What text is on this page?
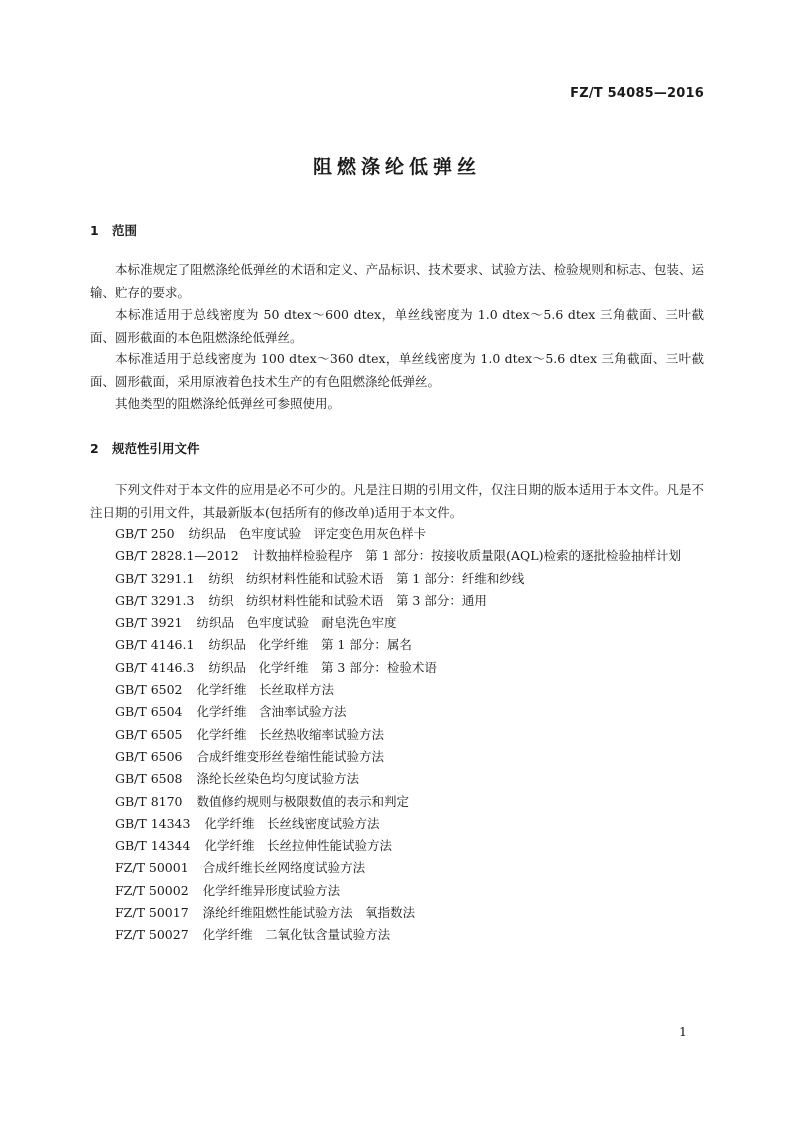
FZ/T 54085—2016
阻燃涤纶低弹丝
1 范围

本标准规定了阻燃涤纶低弹丝的术语和定义、产品标识、技术要求、试验方法、检验规则和标志、包装、运输、贮存的要求。

本标准适用于总线密度为 50 dtex～600 dtex，单丝线密度为 1.0 dtex～5.6 dtex 三角截面、三叶截面、圆形截面的本色阻燃涤纶低弹丝。

本标准适用于总线密度为 100 dtex～360 dtex，单丝线密度为 1.0 dtex～5.6 dtex 三角截面、三叶截面、圆形截面，采用原液着色技术生产的有色阻燃涤纶低弹丝。

其他类型的阻燃涤纶低弹丝可参照使用。

2 规范性引用文件

下列文件对于本文件的应用是必不可少的。凡是注日期的引用文件，仅注日期的版本适用于本文件。凡是不注日期的引用文件，其最新版本(包括所有的修改单)适用于本文件。

GB/T 250 纺织品　色牢度试验　评定变色用灰色样卡
GB/T 2828.1—2012 计数抽样检验程序　第 1 部分：按接收质量限(AQL)检索的逐批检验抽样计划
GB/T 3291.1 纺织　纺织材料性能和试验术语　第 1 部分：纤维和纱线
GB/T 3291.3 纺织　纺织材料性能和试验术语　第 3 部分：通用
GB/T 3921 纺织品　色牢度试验　耐皂洗色牢度
GB/T 4146.1 纺织品　化学纤维　第 1 部分：属名
GB/T 4146.3 纺织品　化学纤维　第 3 部分：检验术语
GB/T 6502 化学纤维　长丝取样方法
GB/T 6504 化学纤维　含油率试验方法
GB/T 6505 化学纤维　长丝热收缩率试验方法
GB/T 6506 合成纤维变形丝卷缩性能试验方法
GB/T 6508 涤纶长丝染色均匀度试验方法
GB/T 8170 数值修约规则与极限数值的表示和判定
GB/T 14343 化学纤维　长丝线密度试验方法
GB/T 14344 化学纤维　长丝拉伸性能试验方法
FZ/T 50001 合成纤维长丝网络度试验方法
FZ/T 50002 化学纤维异形度试验方法
FZ/T 50017 涤纶纤维阻燃性能试验方法　氧指数法
FZ/T 50027 化学纤维　二氧化钛含量试验方法
1
